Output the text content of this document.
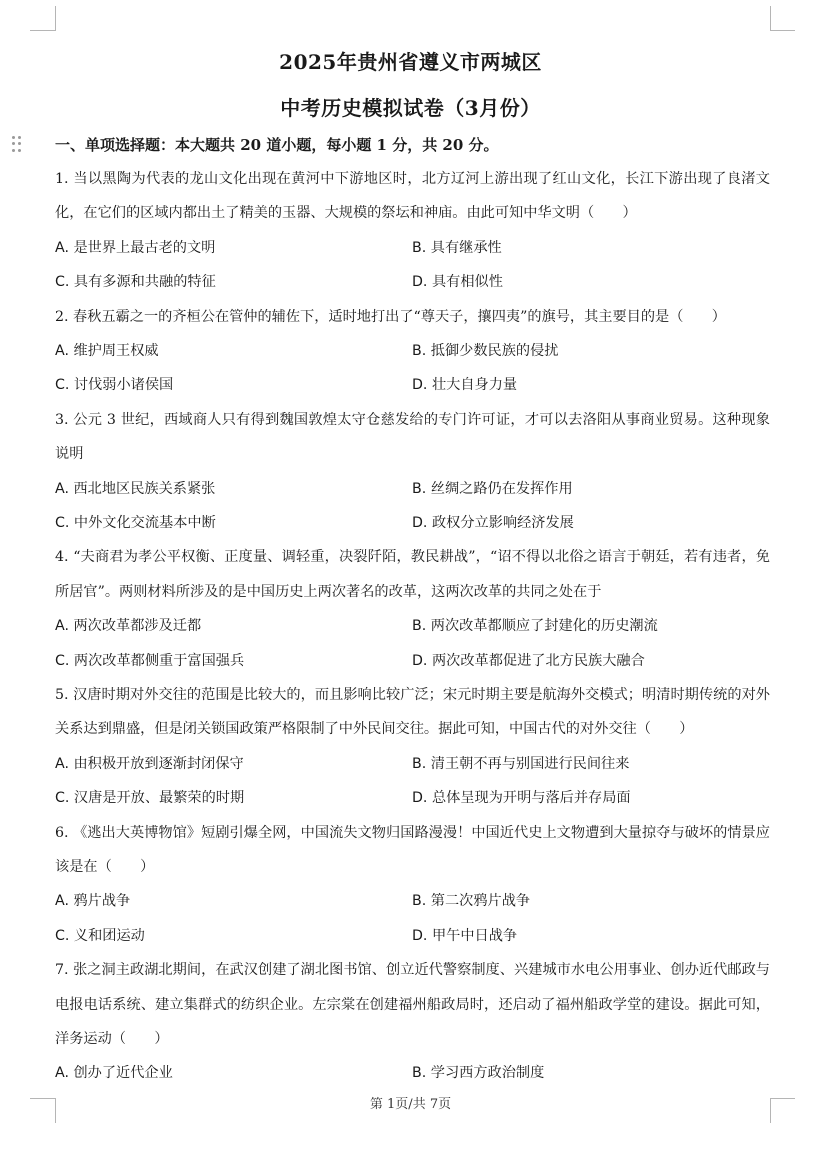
2025年贵州省遵义市两城区
中考历史模拟试卷（3月份）

一、单项选择题：本大题共 20 道小题，每小题 1 分，共 20 分。

1. 当以黑陶为代表的龙山文化出现在黄河中下游地区时，北方辽河上游出现了红山文化，长江下游出现了良渚文化，在它们的区域内都出土了精美的玉器、大规模的祭坛和神庙。由此可知中华文明（　　）

A. 是世界上最古老的文明	B. 具有继承性
C. 具有多源和共融的特征	D. 具有相似性

2. 春秋五霸之一的齐桓公在管仲的辅佐下，适时地打出了“尊天子，攘四夷”的旗号，其主要目的是（　　）

A. 维护周王权威	B. 抵御少数民族的侵扰
C. 讨伐弱小诸侯国	D. 壮大自身力量

3. 公元 3 世纪，西域商人只有得到魏国敦煌太守仓慈发给的专门许可证，才可以去洛阳从事商业贸易。这种现象说明

A. 西北地区民族关系紧张	B. 丝绸之路仍在发挥作用
C. 中外文化交流基本中断	D. 政权分立影响经济发展

4. “夫商君为孝公平权衡、正度量、调轻重，决裂阡陌，教民耕战”，“诏不得以北俗之语言于朝廷，若有违者，免所居官”。两则材料所涉及的是中国历史上两次著名的改革，这两次改革的共同之处在于

A. 两次改革都涉及迁都	B. 两次改革都顺应了封建化的历史潮流
C. 两次改革都侧重于富国强兵	D. 两次改革都促进了北方民族大融合

5. 汉唐时期对外交往的范围是比较大的，而且影响比较广泛；宋元时期主要是航海外交模式；明清时期传统的对外关系达到鼎盛，但是闭关锁国政策严格限制了中外民间交往。据此可知，中国古代的对外交往（　　）

A. 由积极开放到逐渐封闭保守	B. 清王朝不再与别国进行民间往来
C. 汉唐是开放、最繁荣的时期	D. 总体呈现为开明与落后并存局面

6. 《逃出大英博物馆》短剧引爆全网，中国流失文物归国路漫漫！中国近代史上文物遭到大量掠夺与破坏的情景应该是在（　　）

A. 鸦片战争	B. 第二次鸦片战争
C. 义和团运动	D. 甲午中日战争

7. 张之洞主政湖北期间，在武汉创建了湖北图书馆、创立近代警察制度、兴建城市水电公用事业、创办近代邮政与电报电话系统、建立集群式的纺织企业。左宗棠在创建福州船政局时，还启动了福州船政学堂的建设。据此可知，洋务运动（　　）

A. 创办了近代企业	B. 学习西方政治制度
第 1页/共 7页
